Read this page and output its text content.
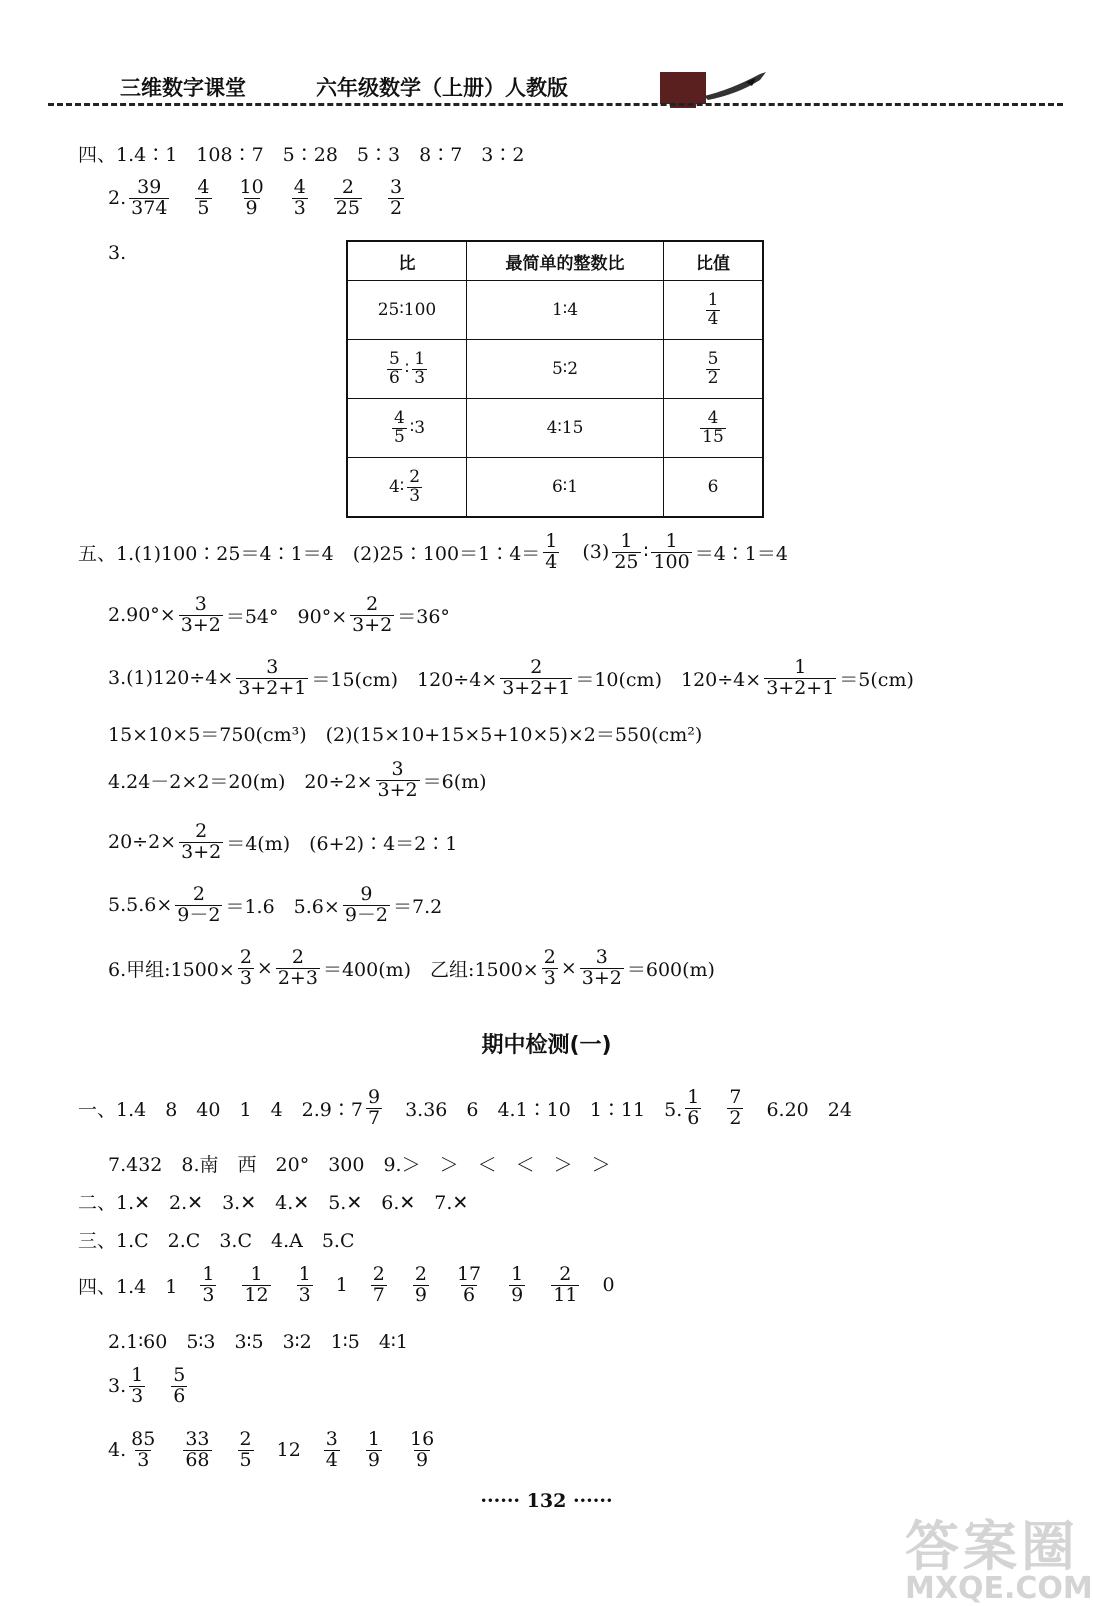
三维数字课堂	六年级数学（上册）人教版
四、1.4∶1　108∶7　5∶28　5∶3　8∶7　3∶2
2.
39
374
4
5
10
9
4
3
2
25
3
2
3.	比	最简单的整数比	比值
25∶100	1∶4	$\frac{1}{4}$

$\frac{5}{6}$ ∶ $\frac{1}{3}$	5∶2	$\frac{5}{2}$

$\frac{4}{5}$ ∶3	4∶15	$\frac{4}{15}$

4∶ $\frac{2}{3}$	6∶1	6
五、1.(1)100∶25＝4∶1＝4　(2)25∶100＝1∶4＝
1
4 (3)
1
25 ∶
1
100 ＝4∶1＝4
$2.90^\circ\times \frac{3}{3+2} =54^\circ$　$90^\circ\times \frac{2}{3+2} =36^\circ$
$3.(1)120\div 4\times \frac{3}{3+2+1} =15(cm)$　$120\div 4\times \frac{2}{3+2+1} =10(cm)$　$120\div 4\times \frac{1}{3+2+1} =5(cm)$
15×10×5＝750(cm³)　(2)(15×10+15×5+10×5)×2＝550(cm²)
4.24－2×2＝20(m)　$20\div 2\times \frac{3}{3+2} =6(m)$
$20\div 2\times \frac{2}{3+2} =4(m)$　(6+2)∶4＝2∶1
$5.5.6\times \frac{2}{9-2} =1.6$　$5.6\times \frac{9}{9-2} =7.2$
6.甲组:1500× $\frac{2}{3} \times \frac{2}{2+3} =400(m)$　乙组:1500× $\frac{2}{3} \times \frac{3}{3+2} =600(m)$
期中检测(一)
一、1.4　8　40　1　4　2.9∶7
9
7 3.36　6　4.1∶10　1∶11　5.
1
6
7
2 6.20　24
7.432　8.南　西　20°　300　9.＞　＞　＜　＜　＞　＞
二、1.✕　2.✕　3.✕　4.✕　5.✕　6.✕　7.✕
三、1.C　2.C　3.C　4.A　5.C
四、1.4　1
1
3
1
12
1
3 1
2
7
2
9
17
6
1
9
2
11 0
2.1∶60　5∶3　3∶5　3∶2　1∶5　4∶1
3.
1
3
5
6
4.
85
3
33
68
2
5 12
3
4
1
9
16
9
······ 132 ······
答案圈
MXQE.COM
